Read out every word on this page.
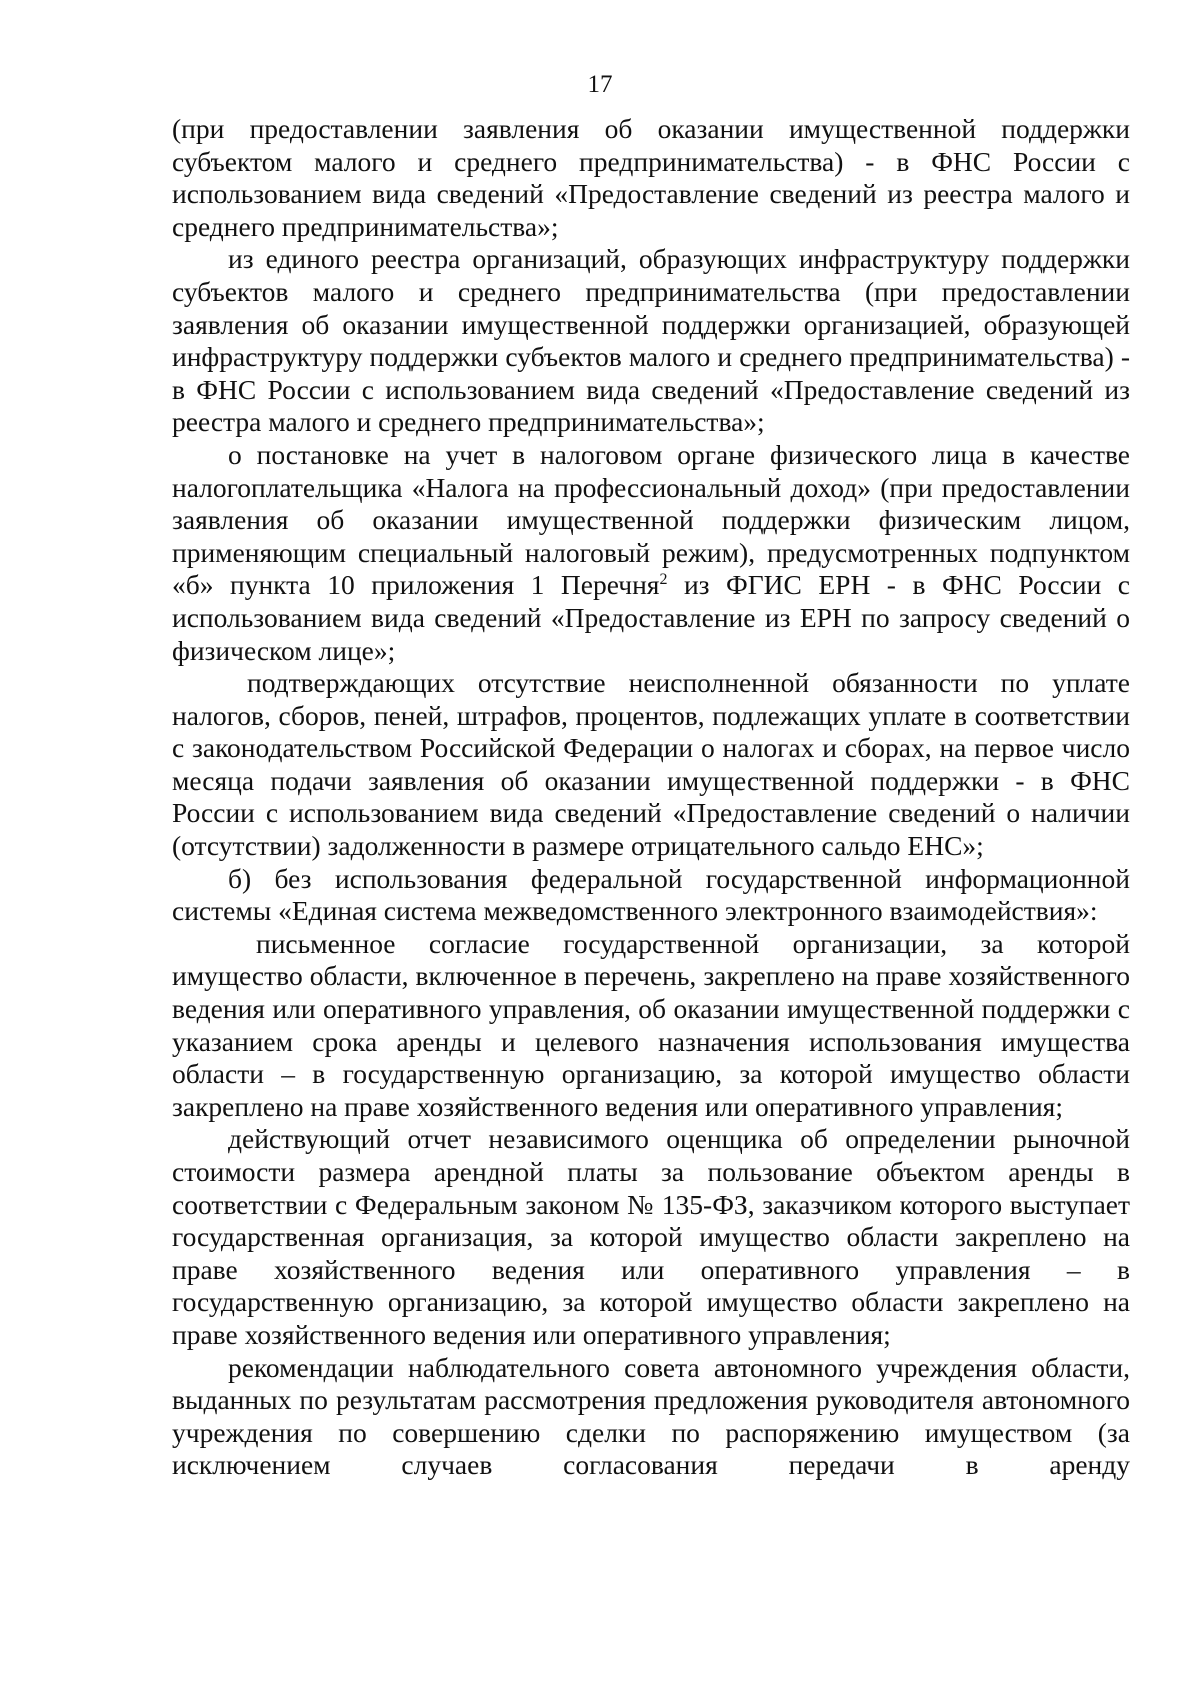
17

(при предоставлении заявления об оказании имущественной поддержки субъектом малого и среднего предпринимательства) - в ФНС России с использованием вида сведений «Предоставление сведений из реестра малого и среднего предпринимательства»;

из единого реестра организаций, образующих инфраструктуру поддержки субъектов малого и среднего предпринимательства (при предоставлении заявления об оказании имущественной поддержки организацией, образующей инфраструктуру поддержки субъектов малого и среднего предпринимательства) - в ФНС России с использованием вида сведений «Предоставление сведений из реестра малого и среднего предпринимательства»;

о постановке на учет в налоговом органе физического лица в качестве налогоплательщика «Налога на профессиональный доход» (при предоставлении заявления об оказании имущественной поддержки физическим лицом, применяющим специальный налоговый режим), предусмотренных подпунктом «б» пункта 10 приложения 1 Перечня$^2$ из ФГИС ЕРН - в ФНС России с использованием вида сведений «Предоставление из ЕРН по запросу сведений о физическом лице»;

подтверждающих отсутствие неисполненной обязанности по уплате налогов, сборов, пеней, штрафов, процентов, подлежащих уплате в соответствии с законодательством Российской Федерации о налогах и сборах, на первое число месяца подачи заявления об оказании имущественной поддержки - в ФНС России с использованием вида сведений «Предоставление сведений о наличии (отсутствии) задолженности в размере отрицательного сальдо ЕНС»;

б) без использования федеральной государственной информационной системы «Единая система межведомственного электронного взаимодействия»:

письменное согласие государственной организации, за которой имущество области, включенное в перечень, закреплено на праве хозяйственного ведения или оперативного управления, об оказании имущественной поддержки с указанием срока аренды и целевого назначения использования имущества области – в государственную организацию, за которой имущество области закреплено на праве хозяйственного ведения или оперативного управления;

действующий отчет независимого оценщика об определении рыночной стоимости размера арендной платы за пользование объектом аренды в соответствии с Федеральным законом № 135-ФЗ, заказчиком которого выступает государственная организация, за которой имущество области закреплено на праве хозяйственного ведения или оперативного управления – в государственную организацию, за которой имущество области закреплено на праве хозяйственного ведения или оперативного управления;

рекомендации наблюдательного совета автономного учреждения области, выданных по результатам рассмотрения предложения руководителя автономного учреждения по совершению сделки по распоряжению имуществом (за исключением случаев согласования передачи в аренду
